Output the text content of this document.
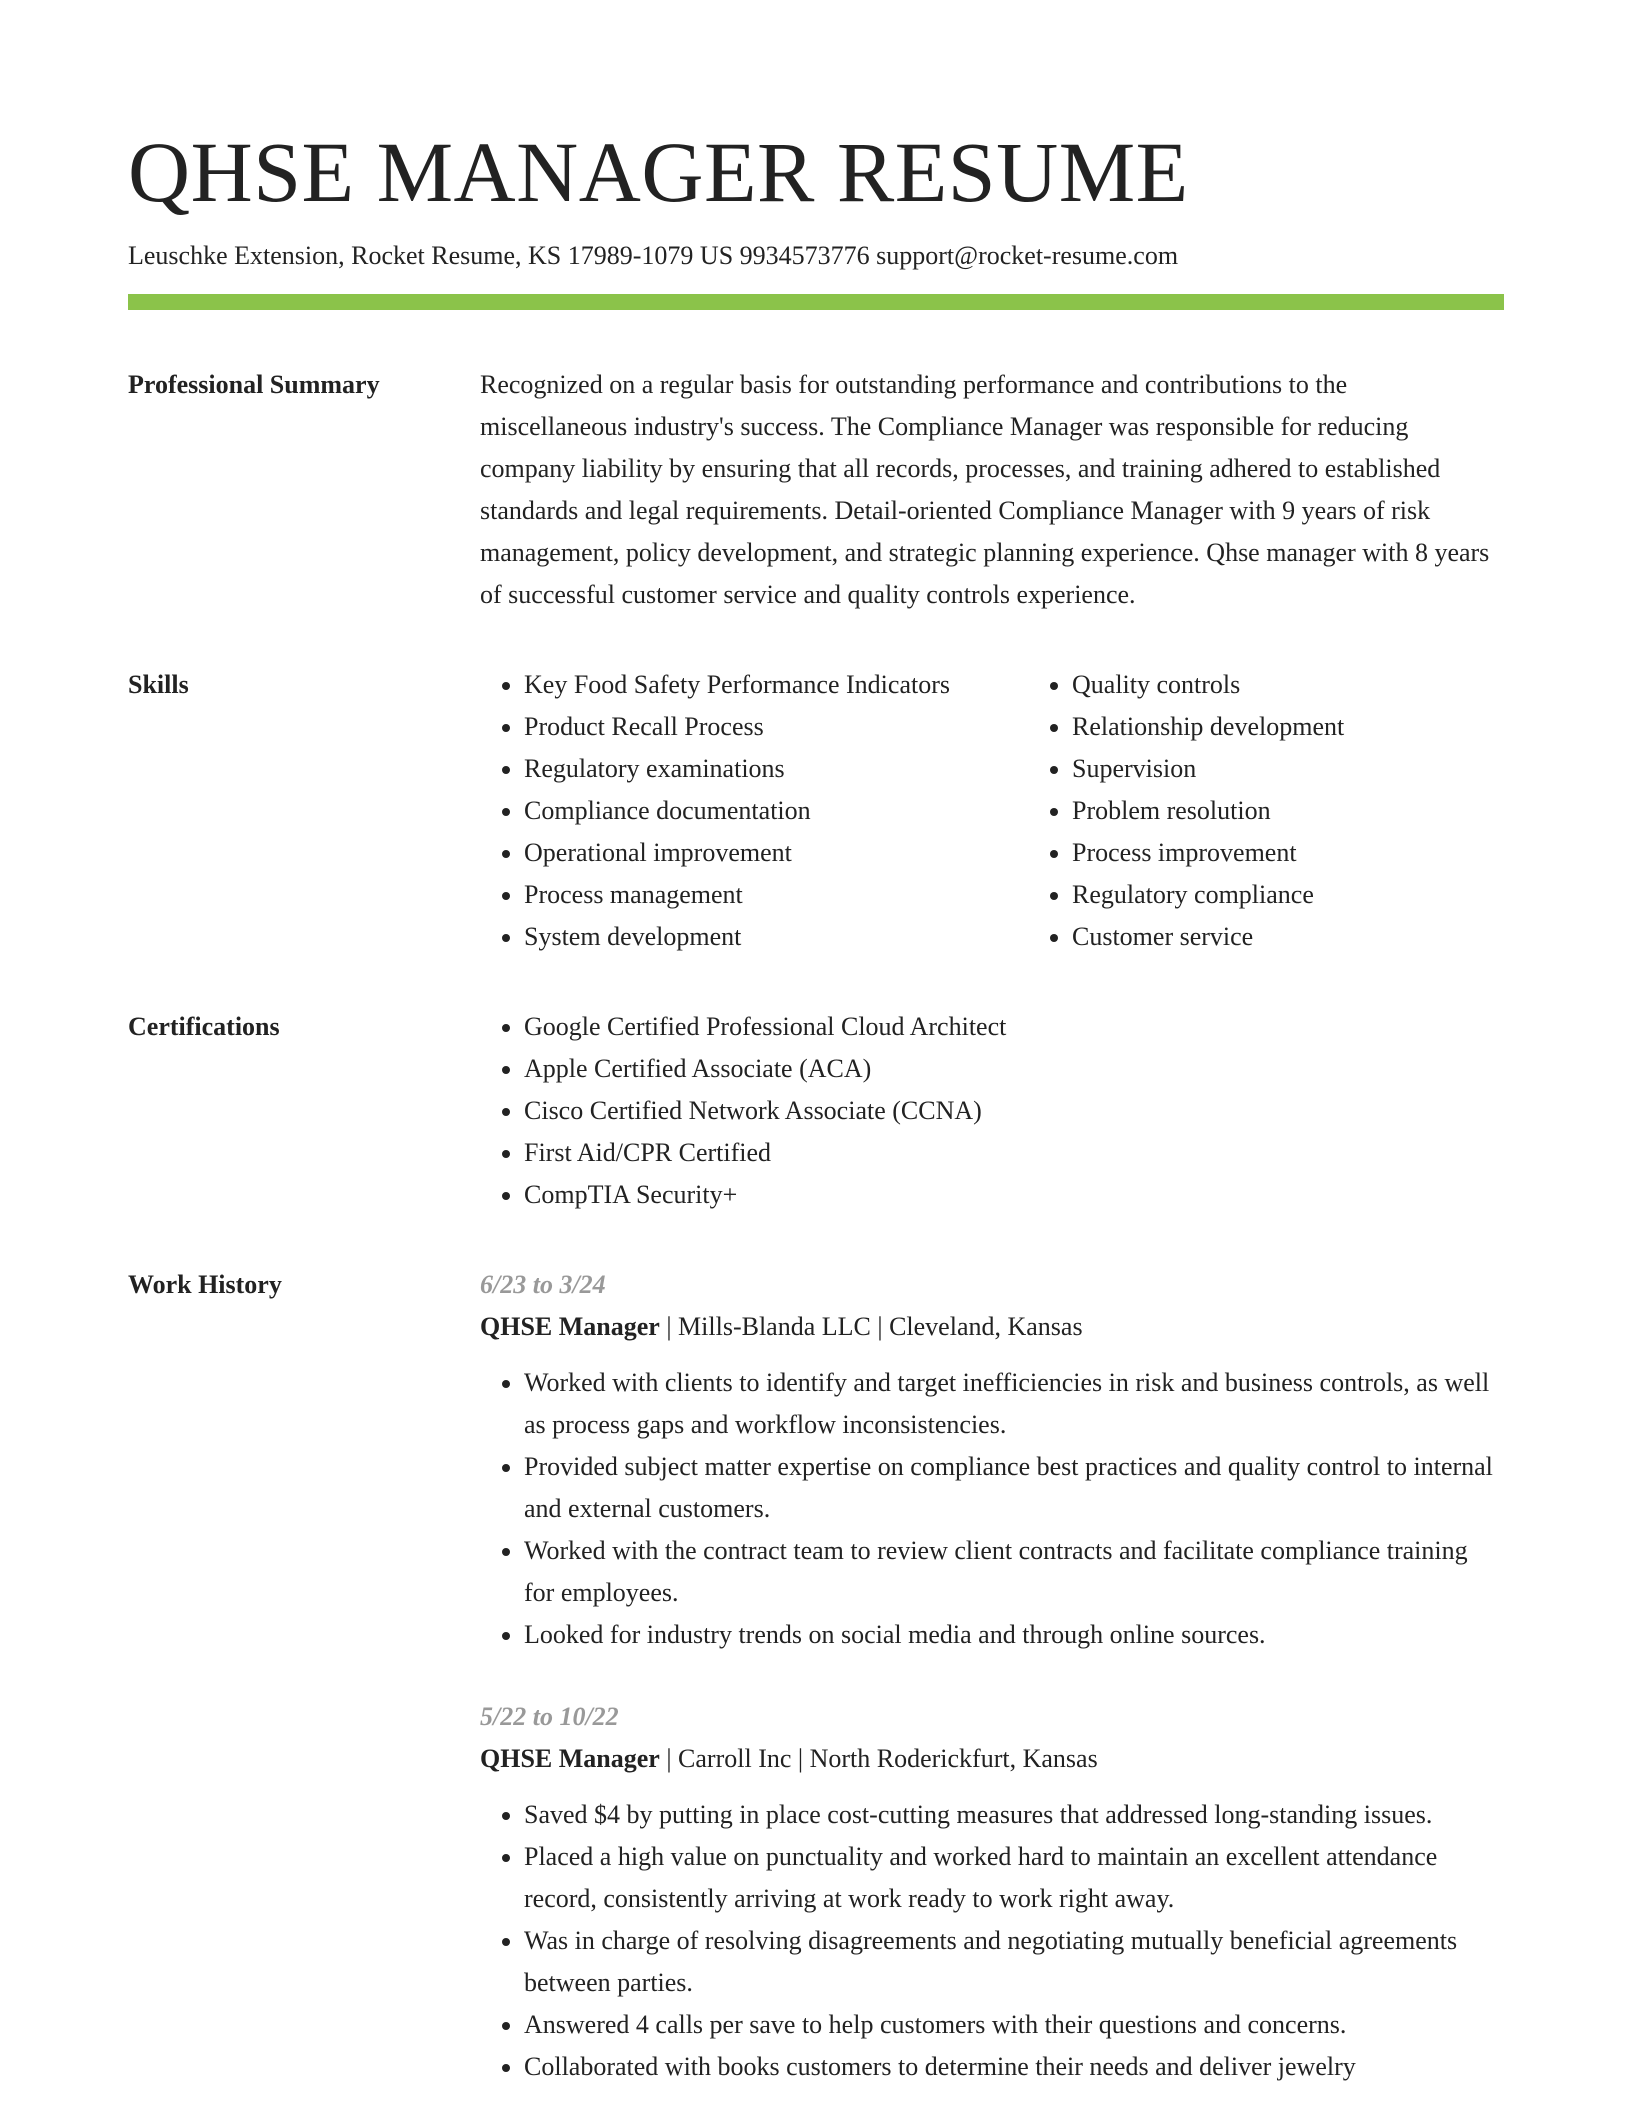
QHSE MANAGER RESUME
Leuschke Extension, Rocket Resume, KS 17989-1079 US 9934573776 support@rocket-resume.com
Professional Summary	Recognized on a regular basis for outstanding performance and contributions to the miscellaneous industry's success. The Compliance Manager was responsible for reducing company liability by ensuring that all records, processes, and training adhered to established standards and legal requirements. Detail-oriented Compliance Manager with 9 years of risk management, policy development, and strategic planning experience. Qhse manager with 8 years of successful customer service and quality controls experience.

Skills	• Key Food Safety Performance Indicators
• Product Recall Process
• Regulatory examinations
• Compliance documentation
• Operational improvement
• Process management
• System development
• Quality controls
• Relationship development
• Supervision
• Problem resolution
• Process improvement
• Regulatory compliance
• Customer service
Certifications	• Google Certified Professional Cloud Architect
• Apple Certified Associate (ACA)
• Cisco Certified Network Associate (CCNA)
• First Aid/CPR Certified
• CompTIA Security+
Work History	6/23 to 3/24
QHSE Manager | Mills-Blanda LLC | Cleveland, Kansas
• Worked with clients to identify and target inefficiencies in risk and business controls, as well as process gaps and workflow inconsistencies.
• Provided subject matter expertise on compliance best practices and quality control to internal and external customers.
• Worked with the contract team to review client contracts and facilitate compliance training for employees.
• Looked for industry trends on social media and through online sources.
5/22 to 10/22
QHSE Manager | Carroll Inc | North Roderickfurt, Kansas
• Saved $4 by putting in place cost-cutting measures that addressed long-standing issues.
• Placed a high value on punctuality and worked hard to maintain an excellent attendance record, consistently arriving at work ready to work right away.
• Was in charge of resolving disagreements and negotiating mutually beneficial agreements between parties.
• Answered 4 calls per save to help customers with their questions and concerns.
• Collaborated with books customers to determine their needs and deliver jewelry
